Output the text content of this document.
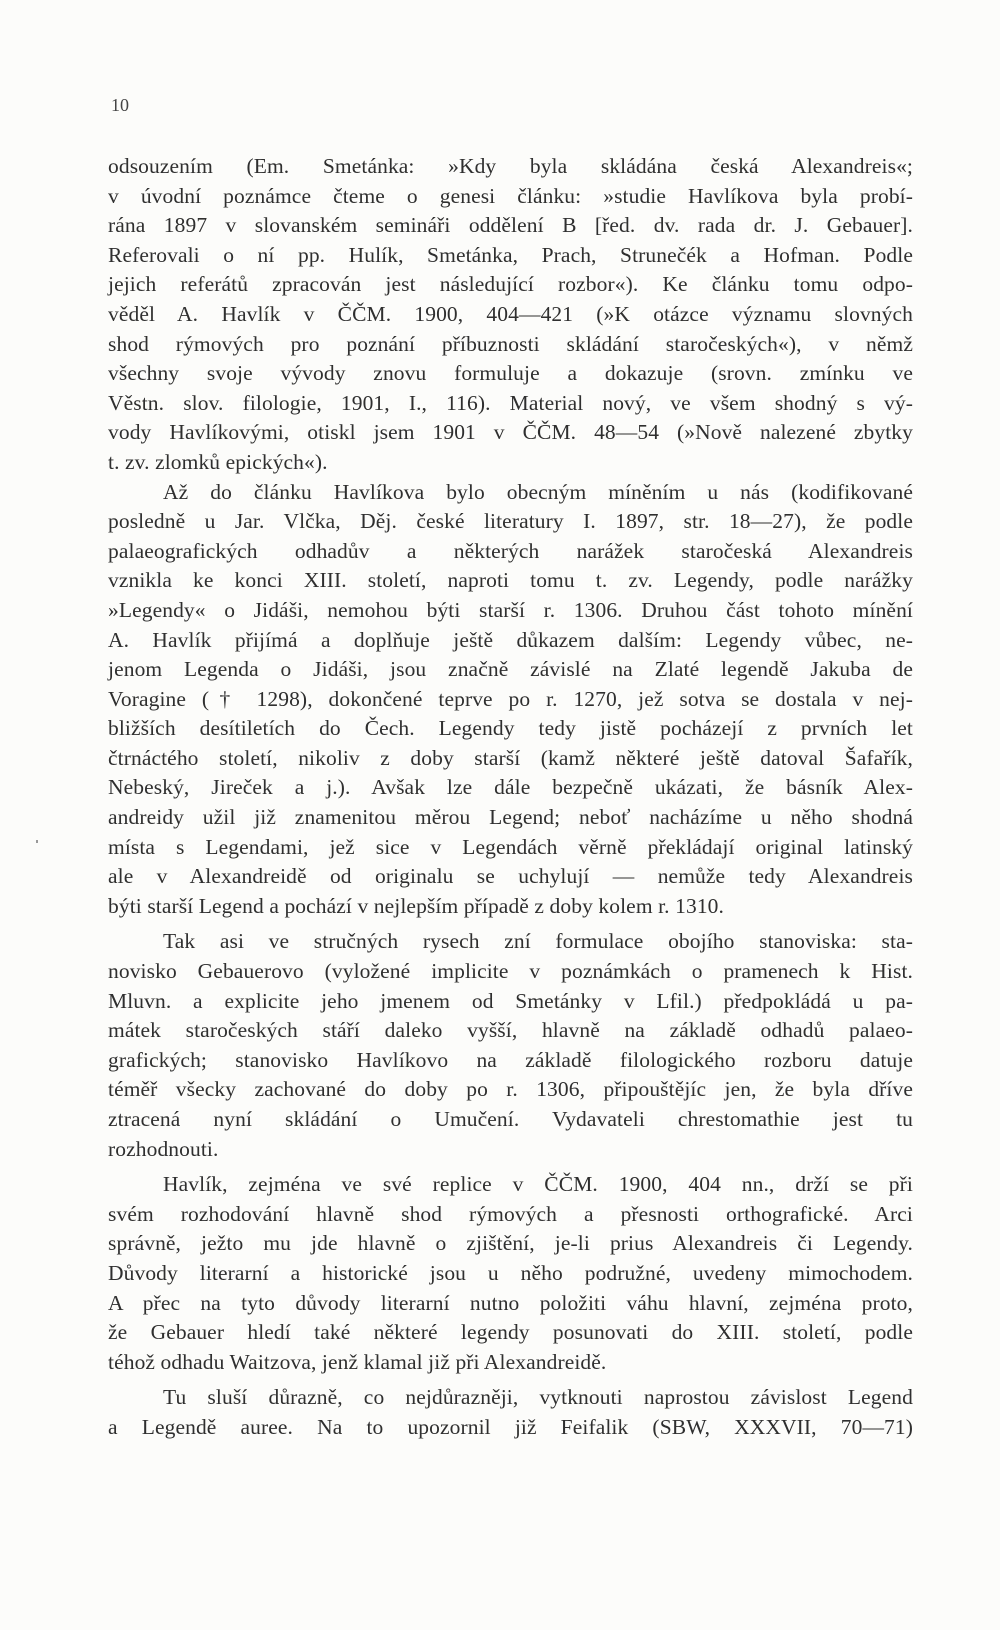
10
odsouzením (Em. Smetánka: »Kdy byla skládána česká Alexandreis«;
v úvodní poznámce čteme o genesi článku: »studie Havlíkova byla probí-
rána 1897 v slovanském semináři oddělení B [řed. dv. rada dr. J. Gebauer].
Referovali o ní pp. Hulík, Smetánka, Prach, Strunečék a Hofman. Podle
jejich referátů zpracován jest následující rozbor«). Ke článku tomu odpo-
věděl A. Havlík v ČČM. 1900, 404—421 (»K otázce významu slovných
shod rýmových pro poznání příbuznosti skládání staročeských«), v němž
všechny svoje vývody znovu formuluje a dokazuje (srovn. zmínku ve
Věstn. slov. filologie, 1901, I., 116). Material nový, ve všem shodný s vý-
vody Havlíkovými, otiskl jsem 1901 v ČČM. 48—54 (»Nově nalezené zbytky
t. zv. zlomků epických«).
Až do článku Havlíkova bylo obecným míněním u nás (kodifikované
posledně u Jar. Vlčka, Děj. české literatury I. 1897, str. 18—27), že podle
palaeografických odhadův a některých narážek staročeská Alexandreis
vznikla ke konci XIII. století, naproti tomu t. zv. Legendy, podle narážky
»Legendy« o Jidáši, nemohou býti starší r. 1306. Druhou část tohoto mínění
A. Havlík přijímá a doplňuje ještě důkazem dalším: Legendy vůbec, ne-
jenom Legenda o Jidáši, jsou značně závislé na Zlaté legendě Jakuba de
Voragine († 1298), dokončené teprve po r. 1270, jež sotva se dostala v nej-
bližších desítiletích do Čech. Legendy tedy jistě pocházejí z prvních let
čtrnáctého století, nikoliv z doby starší (kamž některé ještě datoval Šafařík,
Nebeský, Jireček a j.). Avšak lze dále bezpečně ukázati, že básník Alex-
andreidy užil již znamenitou měrou Legend; neboť nacházíme u něho shodná
místa s Legendami, jež sice v Legendách věrně překládají original latinský
ale v Alexandreidě od originalu se uchylují — nemůže tedy Alexandreis
býti starší Legend a pochází v nejlepším případě z doby kolem r. 1310.
Tak asi ve stručných rysech zní formulace obojího stanoviska: sta-
novisko Gebauerovo (vyložené implicite v poznámkách o pramenech k Hist.
Mluvn. a explicite jeho jmenem od Smetánky v Lfil.) předpokládá u pa-
mátek staročeských stáří daleko vyšší, hlavně na základě odhadů palaeo-
grafických; stanovisko Havlíkovo na základě filologického rozboru datuje
téměř všecky zachované do doby po r. 1306, připouštějíc jen, že byla dříve
ztracená nyní skládání o Umučení. Vydavateli chrestomathie jest tu
rozhodnouti.
Havlík, zejména ve své replice v ČČM. 1900, 404 nn., drží se při
svém rozhodování hlavně shod rýmových a přesnosti orthografické. Arci
správně, ježto mu jde hlavně o zjištění, je-li prius Alexandreis či Legendy.
Důvody literarní a historické jsou u něho podružné, uvedeny mimochodem.
A přec na tyto důvody literarní nutno položiti váhu hlavní, zejména proto,
že Gebauer hledí také některé legendy posunovati do XIII. století, podle
téhož odhadu Waitzova, jenž klamal již při Alexandreidě.
Tu sluší důrazně, co nejdůrazněji, vytknouti naprostou závislost Legend
a Legendě auree. Na to upozornil již Feifalik (SBW, XXXVII, 70—71)
